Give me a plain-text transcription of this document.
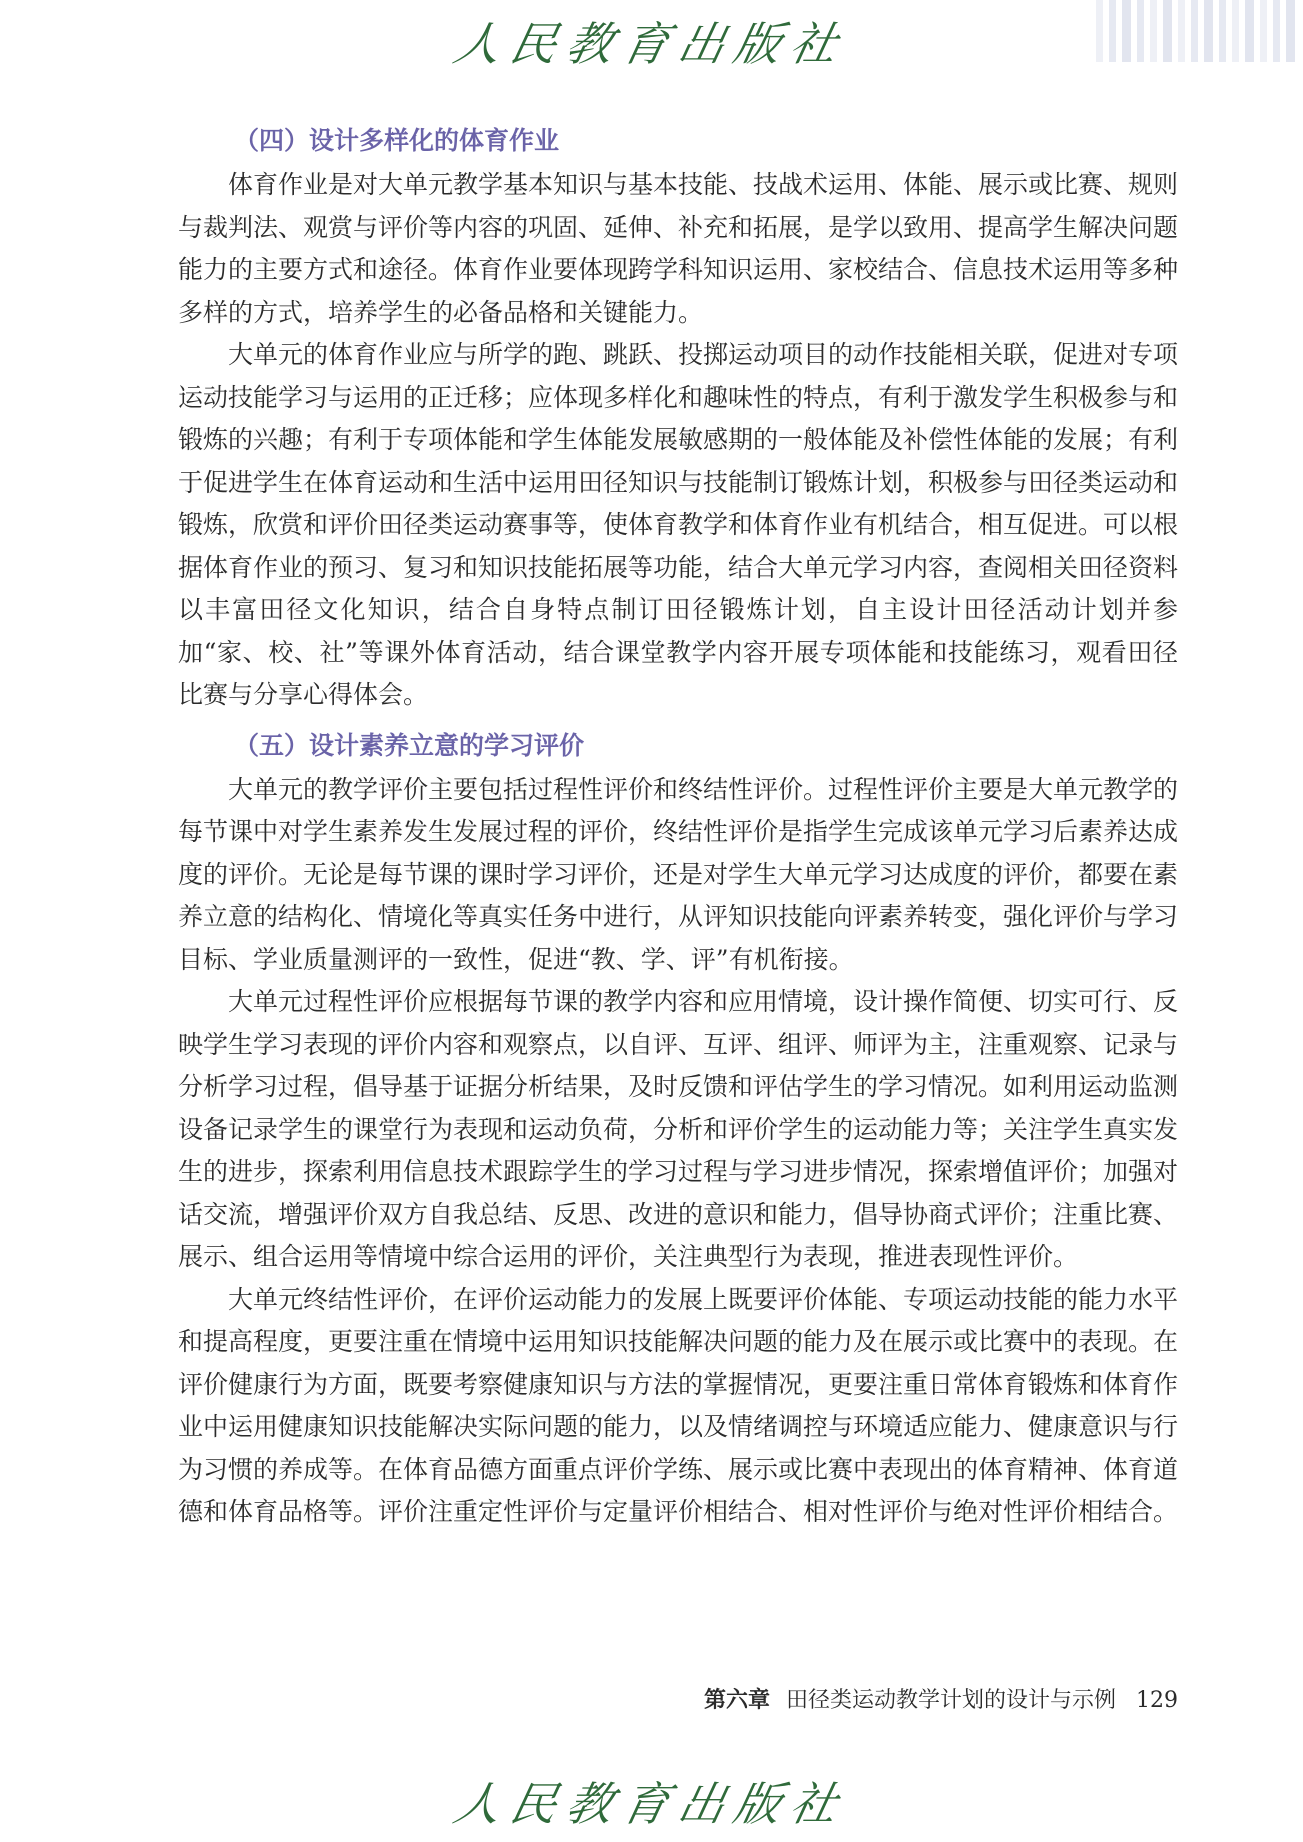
人民教育出版社
（四）设计多样化的体育作业

体育作业是对大单元教学基本知识与基本技能、技战术运用、体能、展示或比赛、规则与裁判法、观赏与评价等内容的巩固、延伸、补充和拓展，是学以致用、提高学生解决问题能力的主要方式和途径。体育作业要体现跨学科知识运用、家校结合、信息技术运用等多种多样的方式，培养学生的必备品格和关键能力。

大单元的体育作业应与所学的跑、跳跃、投掷运动项目的动作技能相关联，促进对专项运动技能学习与运用的正迁移；应体现多样化和趣味性的特点，有利于激发学生积极参与和锻炼的兴趣；有利于专项体能和学生体能发展敏感期的一般体能及补偿性体能的发展；有利于促进学生在体育运动和生活中运用田径知识与技能制订锻炼计划，积极参与田径类运动和锻炼，欣赏和评价田径类运动赛事等，使体育教学和体育作业有机结合，相互促进。可以根据体育作业的预习、复习和知识技能拓展等功能，结合大单元学习内容，查阅相关田径资料以丰富田径文化知识，结合自身特点制订田径锻炼计划，自主设计田径活动计划并参加“家、校、社”等课外体育活动，结合课堂教学内容开展专项体能和技能练习，观看田径比赛与分享心得体会。

（五）设计素养立意的学习评价

大单元的教学评价主要包括过程性评价和终结性评价。过程性评价主要是大单元教学的每节课中对学生素养发生发展过程的评价，终结性评价是指学生完成该单元学习后素养达成度的评价。无论是每节课的课时学习评价，还是对学生大单元学习达成度的评价，都要在素养立意的结构化、情境化等真实任务中进行，从评知识技能向评素养转变，强化评价与学习目标、学业质量测评的一致性，促进“教、学、评”有机衔接。

大单元过程性评价应根据每节课的教学内容和应用情境，设计操作简便、切实可行、反映学生学习表现的评价内容和观察点，以自评、互评、组评、师评为主，注重观察、记录与分析学习过程，倡导基于证据分析结果，及时反馈和评估学生的学习情况。如利用运动监测设备记录学生的课堂行为表现和运动负荷，分析和评价学生的运动能力等；关注学生真实发生的进步，探索利用信息技术跟踪学生的学习过程与学习进步情况，探索增值评价；加强对话交流，增强评价双方自我总结、反思、改进的意识和能力，倡导协商式评价；注重比赛、展示、组合运用等情境中综合运用的评价，关注典型行为表现，推进表现性评价。

大单元终结性评价，在评价运动能力的发展上既要评价体能、专项运动技能的能力水平和提高程度，更要注重在情境中运用知识技能解决问题的能力及在展示或比赛中的表现。在评价健康行为方面，既要考察健康知识与方法的掌握情况，更要注重日常体育锻炼和体育作业中运用健康知识技能解决实际问题的能力，以及情绪调控与环境适应能力、健康意识与行为习惯的养成等。在体育品德方面重点评价学练、展示或比赛中表现出的体育精神、体育道德和体育品格等。评价注重定性评价与定量评价相结合、相对性评价与绝对性评价相结合。

第六章 田径类运动教学计划的设计与示例 129
人民教育出版社
